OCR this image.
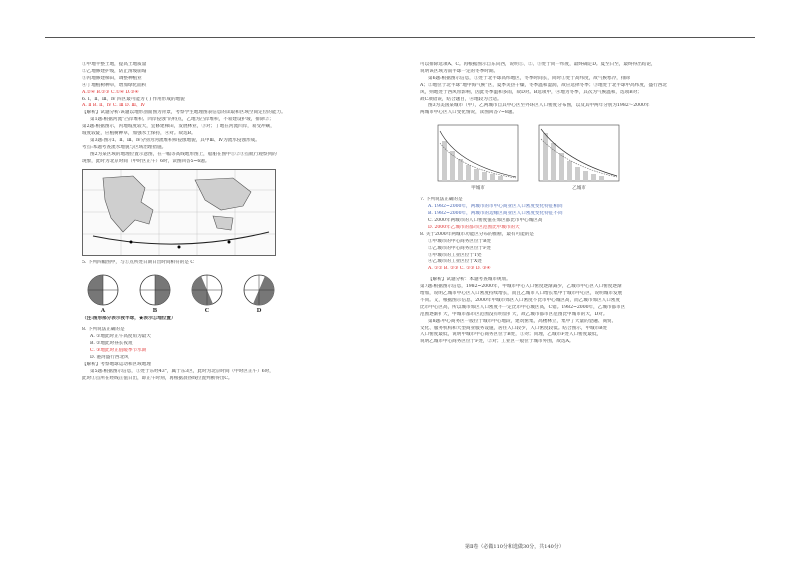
①甲地平整土地，提高土地质量
②乙地修建护坡，防止滑坡崩塌
③丙地修建梯田，调整种植业
④丁地植树种草，增加绿化面积
A.②④ B.②③ C.①④ D.③④
6. Ⅰ、Ⅱ、Ⅲ、Ⅳ 四区最可能为 ( ) 作用形成的地貌
A. Ⅱ B. Ⅱ、Ⅳ C. Ⅲ D. Ⅲ、Ⅳ
【解析】试题分析:该题以地形剖面图为背景，考察学生地理图表信息的读取和区域空间定位的能力。
第1题:根据河流“凸岸堆积、凹岸侵蚀”的特点，乙地为凸岸堆积，不易建设护坡，排除②；
第2题:根据图示，丙地坡度较大，宜修建梯田，发展林业，③对；丁地在河流凹岸，易受冲刷，
坡度较陡，应植树种草，加强水土保持，④对。故选B。
第3题:图示Ⅰ、Ⅱ、Ⅲ、Ⅳ分别为河流堆积和侵蚀地貌，其中Ⅲ、Ⅳ为流水侵蚀形成。
考点:本题考查流水地貌与区域治理措施。
图2为某区域的地理位置示意图，在一幅等高线地形图上，船舶在图中①②③点航行观察到的
现象，此时为北京时间（中时区正午）6时，读图回答5~6题。
5. 下列四幅图中，与①点所处日期日出时间相符的是 C
A	B	C	D
（注:图形部分表示夜半球，★表示①地位置）
8. 下列说法正确的是
A. ①地此时正午高度角为最大
B. ②地此时昼长夜短
C. ③地此时正值暖季节水期
D. 港湾盛行西北风
【解析】考察地球运动和区域地理
第5题:根据图示信息，①处于东经43°，属于东3区，此时为北京时间（中时区正午）6时，
此时①点所在经线正值日出，即正午时刻，再根据晨昏线位置判断得出C。
可以排除选项A、C。再根据图示自东向西，说明①、②、③处于同一纬度，最终确定D。夏至日至，最终得出结论，
说明该区域为南半球一定的冬季时期。
第6题:根据图示信息，①处于北半球高纬地区，冬季时间长，同时①处于高纬度，故气候寒冷，排除
A；②地位于北半球“地中海气候”区，夏季炎热干燥，冬季温和湿润，故应选择冬季；③地处于北半球中高纬度，盛行西北
风，则地处于西风带影响，因此冬季温和多雨，故D对。B选项中，④地为冬季，其次为气候温和，选项B对；
故C项错误，结合题目，④地较为合适。
图3为美国某城市（甲），乙两城市自其中心区至外环区人口密度分布图，以及其中两年分别为1982～2000年
两城市中心区人口变化情况，读图回答7~8题。
甲城市	乙城市
7. 下列说法正确的是
A. 1982~2000年，两城市的市中心商业区人口密度变化特征相同
B. 1982~2000年，两城市的边缘区商业区人口密度变化特征不同
C. 2000年两城市的人口密度值在郊区都比市中心城区高
D. 2000年乙城市的都市区范围比甲城市的大
8. 关于2000年两城市功能区分布的推断，最有可能的是
①甲城市的中心商务区位于B处
②乙城市的中心商务区位于F处
③甲城市的工业区位于T处
④乙城市的工业区位于X处
A. ①② B. ②③ C. ①③ D. ③④
【解析】试题分析：本题考查城市规划。
第7题:根据图示信息，1982~2000年，甲城市中心人口密度逐渐减少，乙城市中心区人口密度逐渐
增加，说明乙城市中心区人口密度持续增长，而且乙城市人口增长集中于城市中心区，说明城市发展
不同。又，根据图示信息，2000年甲城市郊区人口密度不比市中心城区高，而乙城市郊区人口密度
比市中心区高，所以城市郊区人口密度不一定比市中心城区高，C错。1982~2000年，乙城市都市区
范围逐渐扩大，甲城市都市区范围没有明显扩大，故乙城市都市区范围比甲城市的大，D对。
第8题:中心商务区一般位于城市中心地段，建筑密集，高楼林立，集中了大量的金融、商贸、
文化、服务机构和大型商业服务设施，居住人口较少，人口密度较低。结合图示，甲城市B处
人口密度最低，说明甲城市中心商务区位于B处，①对；同理，乙城市F处人口密度最低，
说明乙城市中心商务区位于F处，②对；工业区一般位于城市外围，故选A。
第Ⅱ卷（必做110分和选做30分，共140分）
